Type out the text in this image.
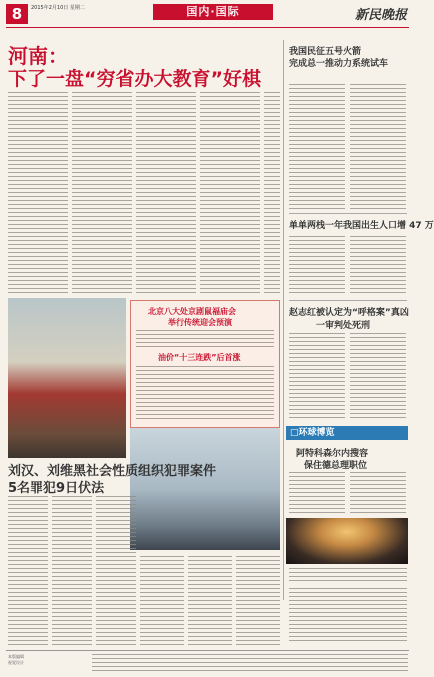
8	2015年2月10日 星期二	国内·国际	新民晚报
河南：
下了一盘“穷省办大教育”好棋
我国民征五号火箭
完成总一推动力系统试车
单单两栈一年我国出生人口增 47 万
赵志红被认定为“呼格案”真凶
一审判处死刑
□环球博览
阿特科森尔内搜容
保住德总理职位
北京八大处京剧鼠福庙会
举行传统迎会预演
油价“十三连跌”后首涨
刘汉、刘维黑社会性质组织犯罪案件
5名罪犯9日伏法
本版编辑
视觉设计
